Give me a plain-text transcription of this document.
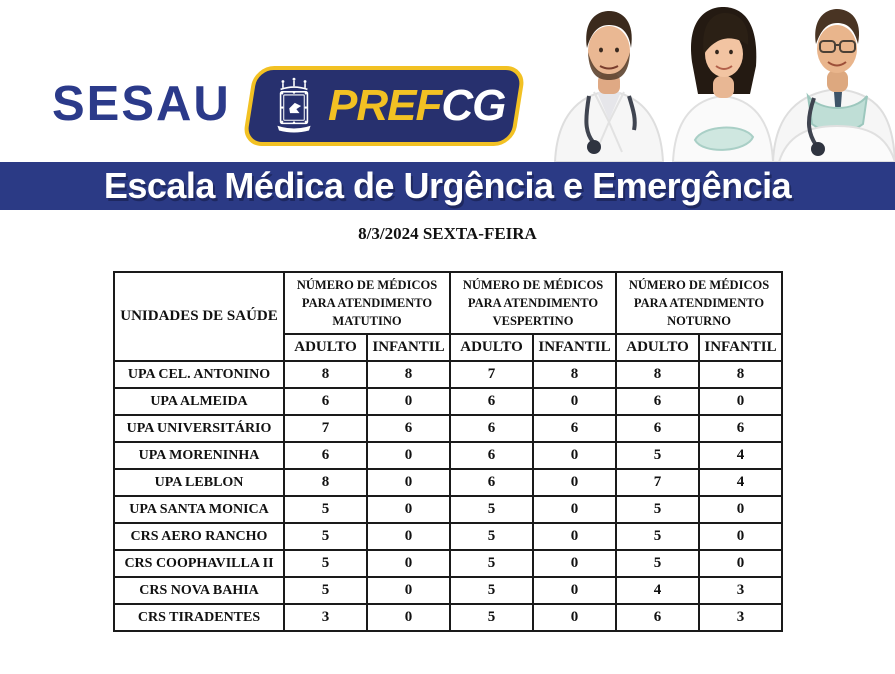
SESAU PREFCG
Escala Médica de Urgência e Emergência
8/3/2024 SEXTA-FEIRA
UNIDADES DE SAÚDE	NÚMERO DE MÉDICOS PARA ATENDIMENTO MATUTINO		NÚMERO DE MÉDICOS PARA ATENDIMENTO VESPERTINO		NÚMERO DE MÉDICOS PARA ATENDIMENTO NOTURNO	
	ADULTO	INFANTIL	ADULTO	INFANTIL	ADULTO	INFANTIL
UPA CEL. ANTONINO	8	8	7	8	8	8
UPA ALMEIDA	6	0	6	0	6	0
UPA UNIVERSITÁRIO	7	6	6	6	6	6
UPA MORENINHA	6	0	6	0	5	4
UPA LEBLON	8	0	6	0	7	4
UPA SANTA MONICA	5	0	5	0	5	0
CRS AERO RANCHO	5	0	5	0	5	0
CRS COOPHAVILLA II	5	0	5	0	5	0
CRS NOVA BAHIA	5	0	5	0	4	3
CRS TIRADENTES	3	0	5	0	6	3
